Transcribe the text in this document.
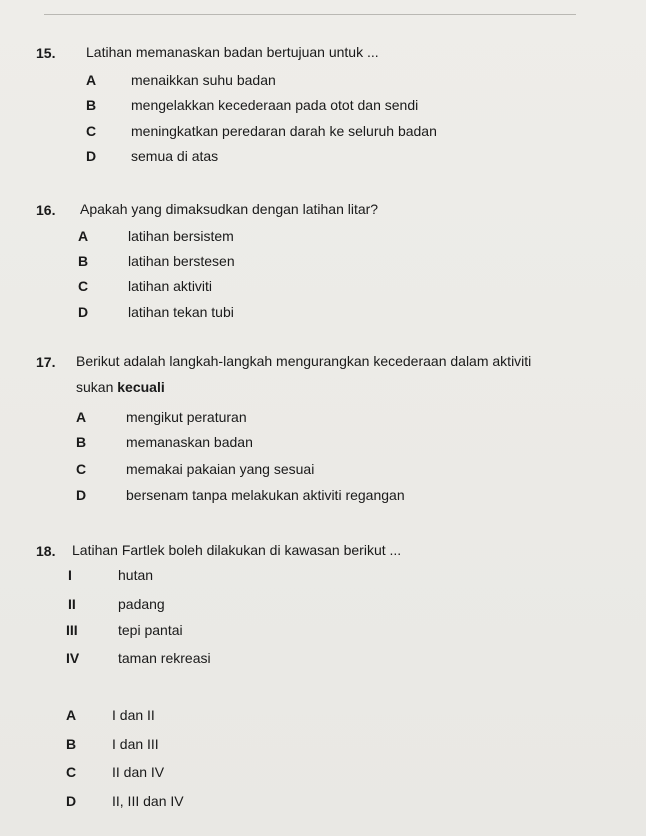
15. Latihan memanaskan badan bertujuan untuk ...
A menaikkan suhu badan
B mengelakkan kecederaan pada otot dan sendi
C meningkatkan peredaran darah ke seluruh badan
D semua di atas
16. Apakah yang dimaksudkan dengan latihan litar?
A	latihan bersistem
B	latihan berstesen
C	latihan aktiviti
D	latihan tekan tubi
17. Berikut adalah langkah-langkah mengurangkan kecederaan dalam aktiviti
sukan kecuali
A	mengikut peraturan
B	memanaskan badan
C	memakai pakaian yang sesuai
D	bersenam tanpa melakukan aktiviti regangan
18. Latihan Fartlek boleh dilakukan di kawasan berikut ...
I	hutan
II	padang
III	tepi pantai
IV	taman rekreasi
A	I dan II
B	I dan III
C	II dan IV
D	II, III dan IV
